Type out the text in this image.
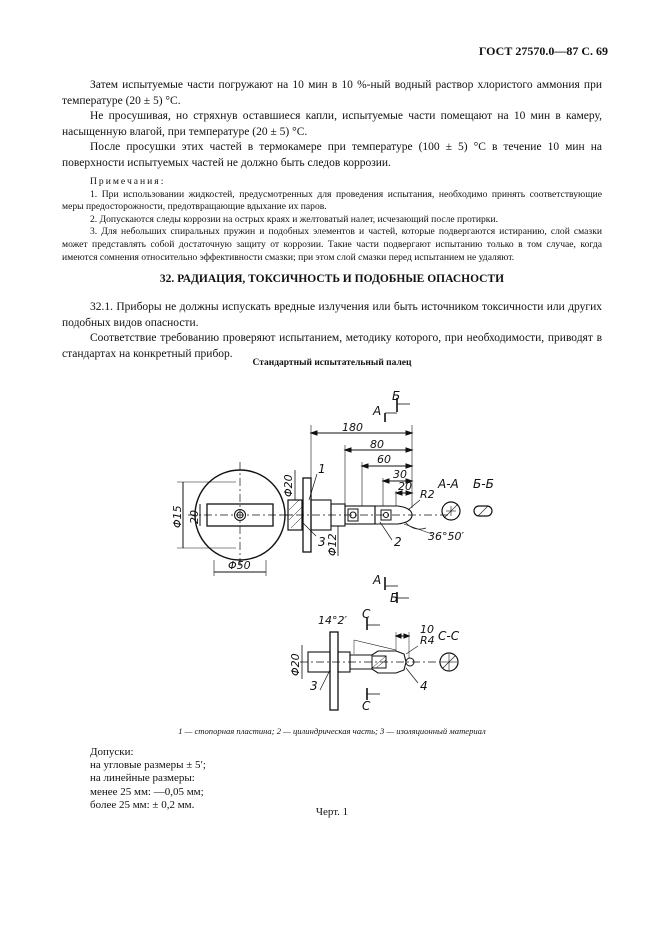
ГОСТ 27570.0—87 С. 69

Затем испытуемые части погружают на 10 мин в 10 %-ный водный раствор хлористого аммония при температуре (20 ± 5) °С.

Не просушивая, но стряхнув оставшиеся капли, испытуемые части помещают на 10 мин в камеру, насыщенную влагой, при температуре (20 ± 5) °С.

После просушки этих частей в термокамере при температуре (100 ± 5) °С в течение 10 мин на поверхности испытуемых частей не должно быть следов коррозии.

Примечания:

1. При использовании жидкостей, предусмотренных для проведения испытания, необходимо принять соответствующие меры предосторожности, предотвращающие вдыхание их паров.

2. Допускаются следы коррозии на острых краях и желтоватый налет, исчезающий после протирки.

3. Для небольших спиральных пружин и подобных элементов и частей, которые подвергаются истиранию, слой смазки может представлять собой достаточную защиту от коррозии. Такие части подвергают испытанию только в том случае, когда имеются сомнения относительно эффективности смазки; при этом слой смазки перед испытанием не удаляют.

32. РАДИАЦИЯ, ТОКСИЧНОСТЬ И ПОДОБНЫЕ ОПАСНОСТИ

32.1. Приборы не должны испускать вредные излучения или быть источником токсичности или других подобных видов опасности.

Соответствие требованию проверяют испытанием, методику которого, при необходимости, приводят в стандартах на конкретный прибор.

Стандартный испытательный палец
180
80
60
30
20
Φ20
Φ12
Φ15 20
Φ50
R2
36°50′
А-А Б-Б
А
Б
А
Б
1
2
3
14°2′
10
R4 С-С
С
С
Φ20
3	4
1 — стопорная пластина; 2 — цилиндрическая часть; 3 — изоляционный материал
Допуски:
на угловые размеры ± 5′;
на линейные размеры:
менее 25 мм: —0,05 мм;
более 25 мм: ± 0,2 мм.
Черт. 1
